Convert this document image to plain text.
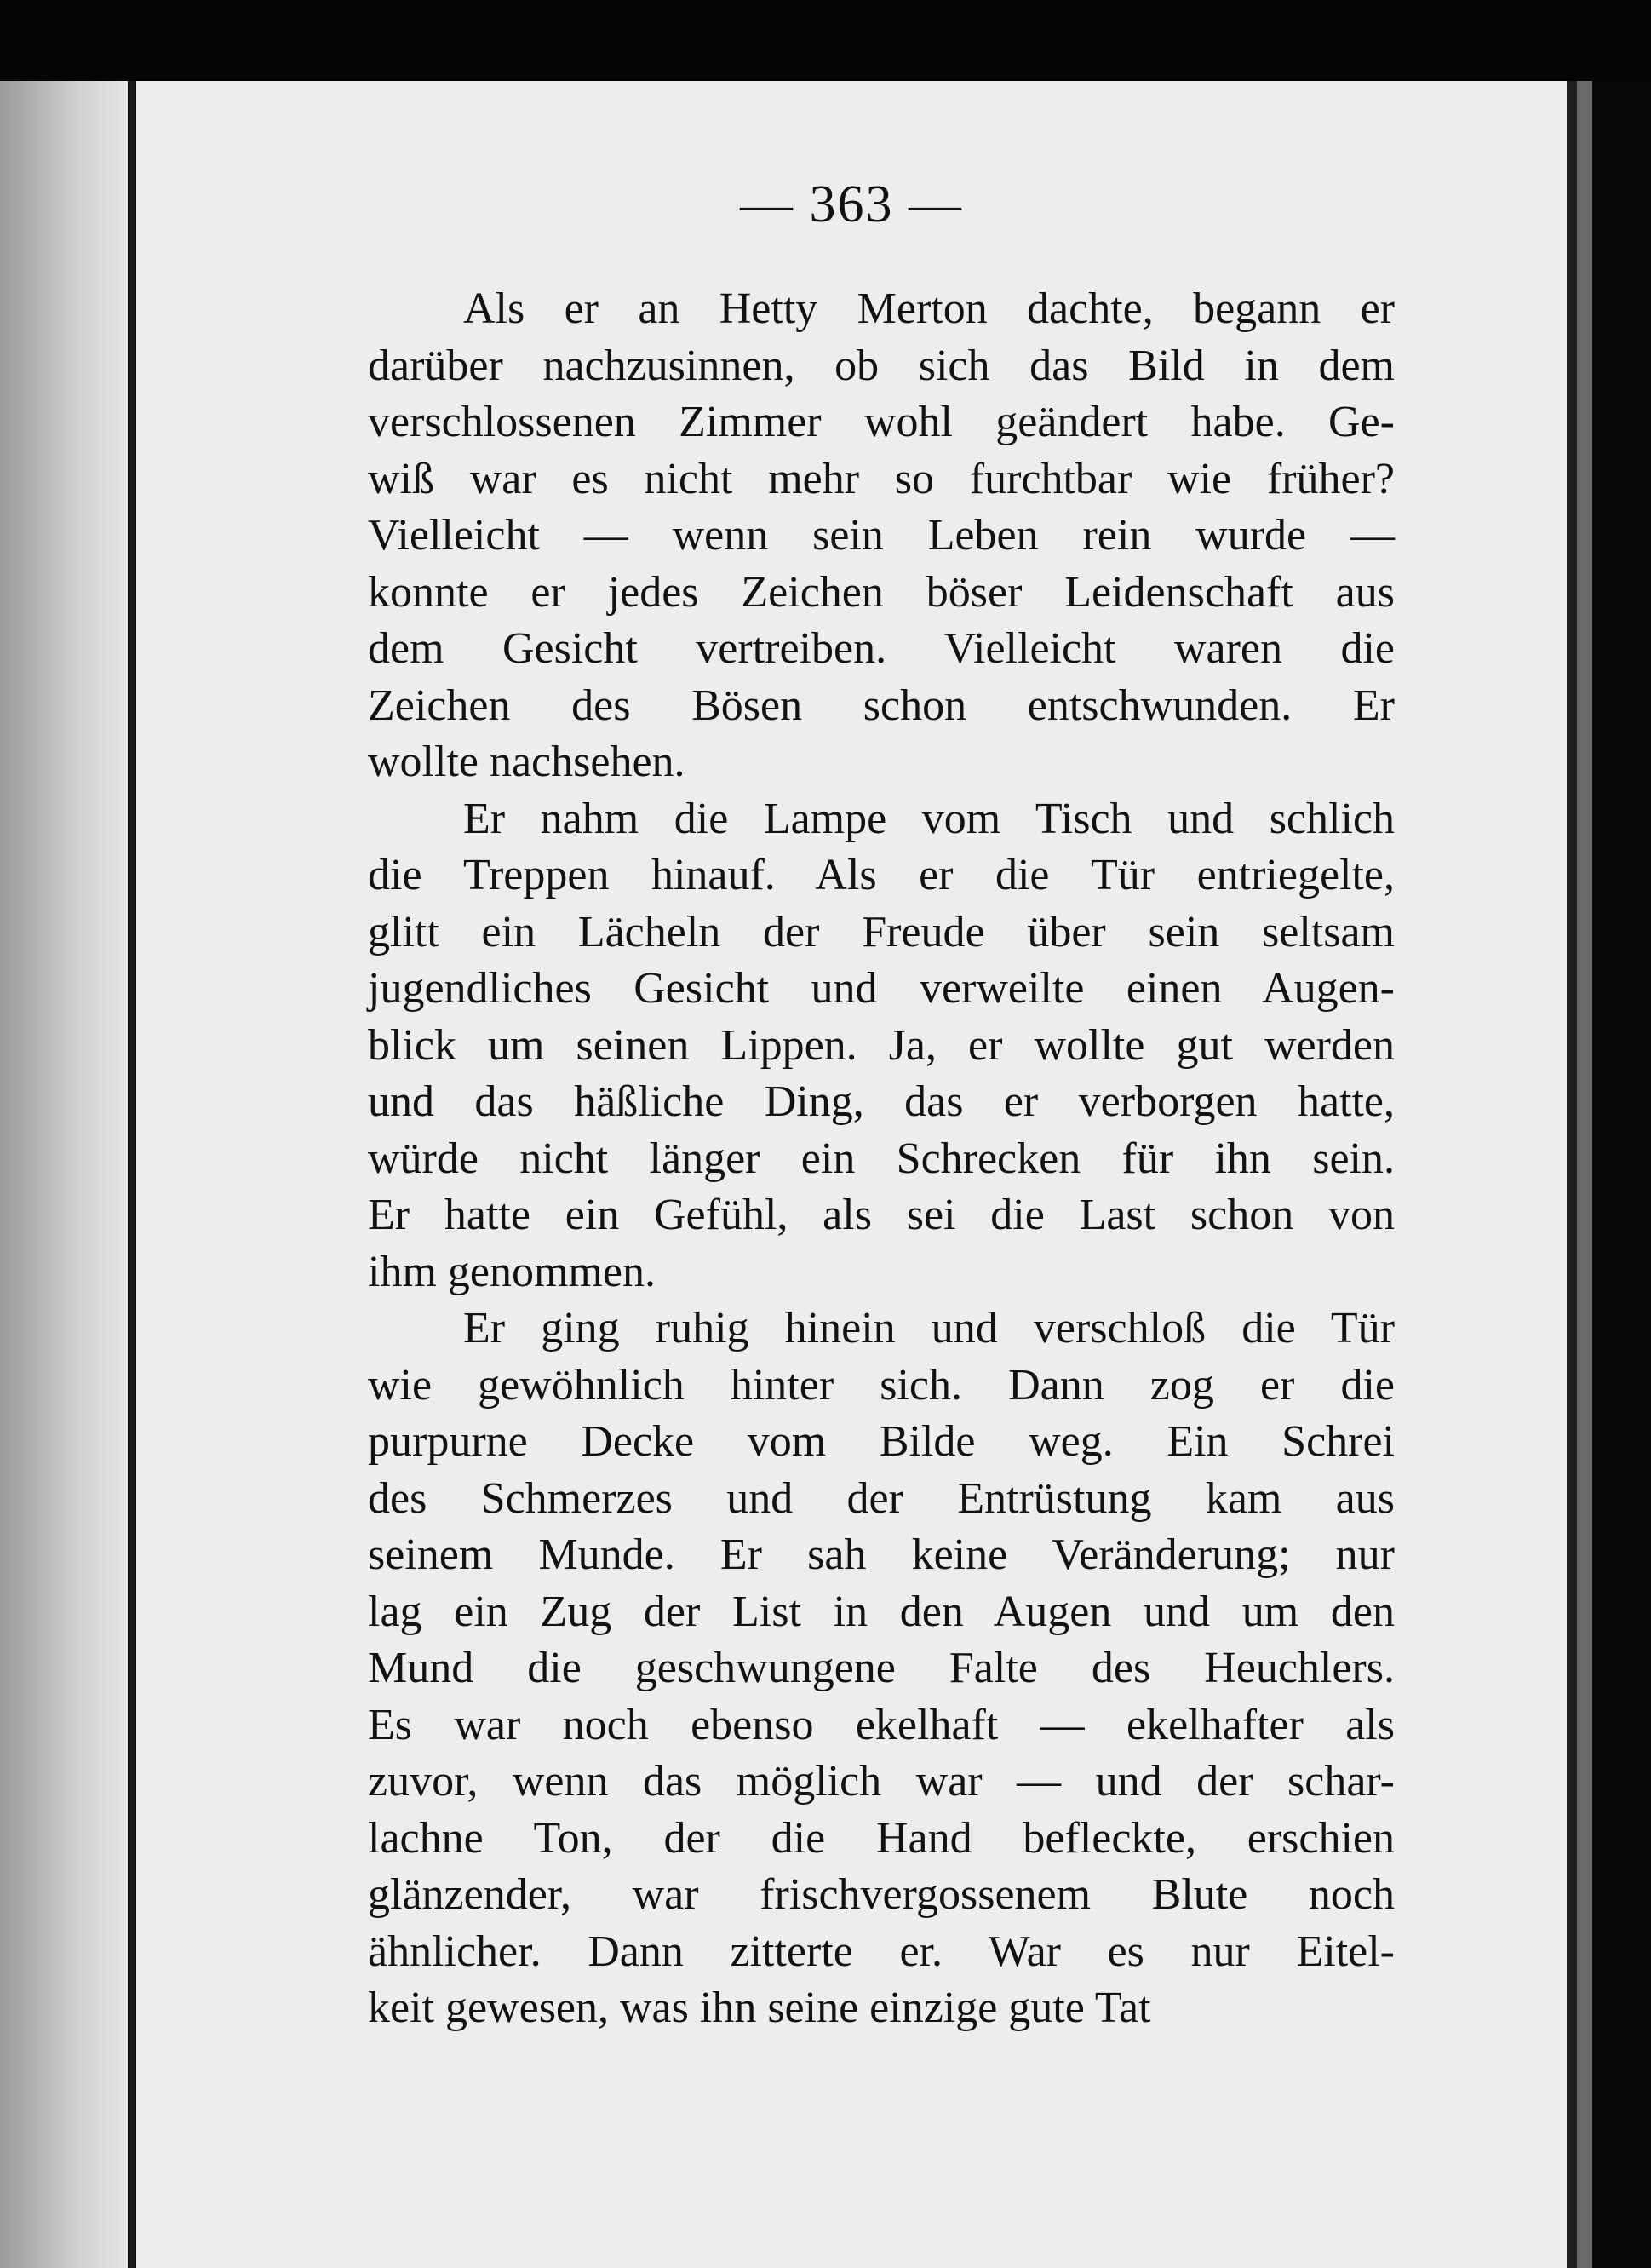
— 363 —
Als er an Hetty Merton dachte, begann er
darüber nachzusinnen, ob sich das Bild in dem
verschlossenen Zimmer wohl geändert habe. Ge-
wiß war es nicht mehr so furchtbar wie früher?
Vielleicht — wenn sein Leben rein wurde —
konnte er jedes Zeichen böser Leidenschaft aus
dem Gesicht vertreiben. Vielleicht waren die
Zeichen des Bösen schon entschwunden. Er
wollte nachsehen.
Er nahm die Lampe vom Tisch und schlich
die Treppen hinauf. Als er die Tür entriegelte,
glitt ein Lächeln der Freude über sein seltsam
jugendliches Gesicht und verweilte einen Augen-
blick um seinen Lippen. Ja, er wollte gut werden
und das häßliche Ding, das er verborgen hatte,
würde nicht länger ein Schrecken für ihn sein.
Er hatte ein Gefühl, als sei die Last schon von
ihm genommen.
Er ging ruhig hinein und verschloß die Tür
wie gewöhnlich hinter sich. Dann zog er die
purpurne Decke vom Bilde weg. Ein Schrei
des Schmerzes und der Entrüstung kam aus
seinem Munde. Er sah keine Veränderung; nur
lag ein Zug der List in den Augen und um den
Mund die geschwungene Falte des Heuchlers.
Es war noch ebenso ekelhaft — ekelhafter als
zuvor, wenn das möglich war — und der schar-
lachne Ton, der die Hand befleckte, erschien
glänzender, war frischvergossenem Blute noch
ähnlicher. Dann zitterte er. War es nur Eitel-
keit gewesen, was ihn seine einzige gute Tat
